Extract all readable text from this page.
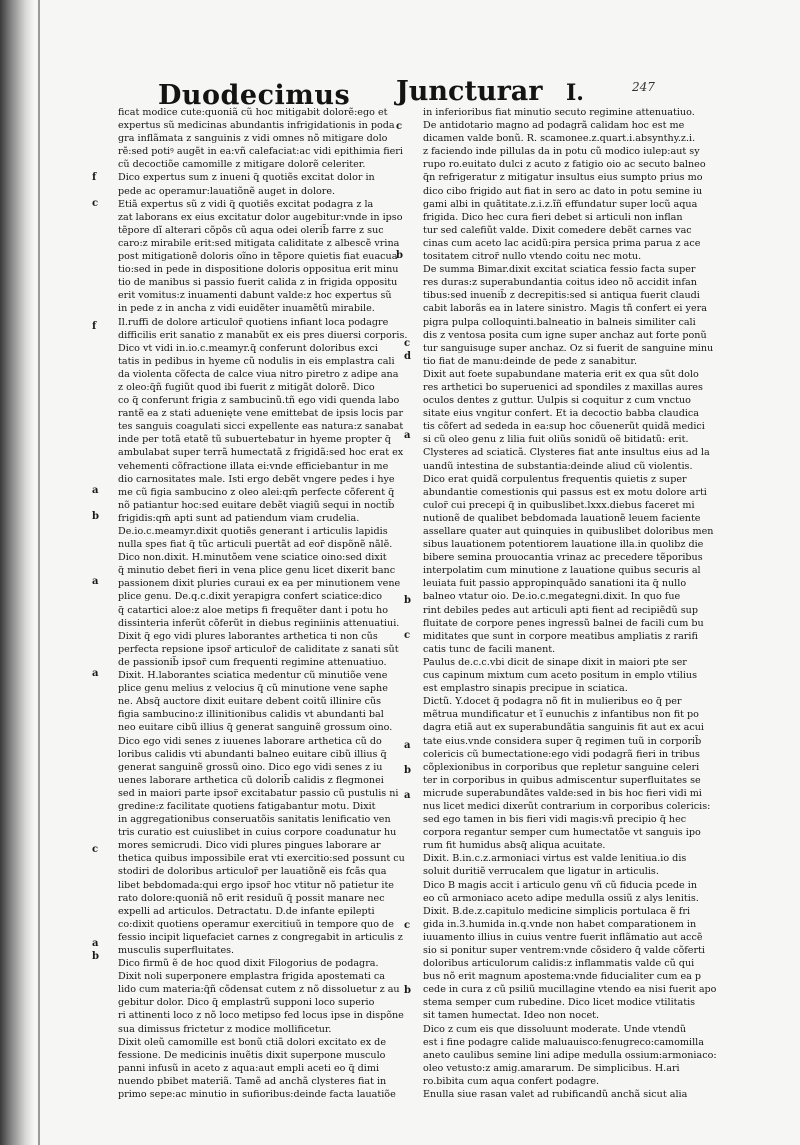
Duodecimus Juncturar I.	247
ficat modice cute:quoniã cũ hoc mitigabit dolorẽ:ego et
expertus sũ medicinas abundantis infrigidationis in poda
gra inflãmata z sanguinis z vidi omnes nõ mitigare dolo
rẽ:sed potiꝰ augẽt in ea:vñ calefaciat:ac vidi epithimia fieri
cũ decoctiõe camomille z mitigare dolorẽ celeriter.
Dico expertus sum z inueni q̃ quotiẽs excitat dolor in
pede ac operamur:lauatiõnẽ auget in dolore.
Etiã expertus sũ z vidi q̃ quotiẽs excitat podagra z la
zat laborans ex eius excitatur dolor augebitur:vnde in ipso
tẽpore dĩ alterari cõpõs cũ aqua odei olerib̃ farre z suc
caro:z mirabile erit:sed mitigata caliditate z albescẽ vrina
post mitigationẽ doloris oĩno in tẽpore quietis fiat euacua
tio:sed in pede in dispositione doloris oppositua erit minu
tio de manibus si passio fuerit calida z in frigida oppositu
erit vomitus:z inuamenti dabunt valde:z hoc expertus sũ
in pede z in ancha z vidi euidẽter inuamẽtũ mirabile.
Il.ruffi de dolore articulor̃ quotiens infiant loca podagre
difficilis erit sanatio z manabũt ex eis pres diuersi corporis.
Dico vt vidi in.io.c.meamyr.q̃ conferunt doloribus exci
tatis in pedibus in hyeme cũ nodulis in eis emplastra cali
da violenta cõfecta de calce viua nitro piretro z adipe ana
z oleo:q̃ñ fugiũt quod ibi fuerit z mitigãt dolorẽ. Dico
co q̃ conferunt frigia z sambucinũ.tñ ego vidi quenda labo
rantẽ ea z stati aduenięte vene emittebat de ipsis locis par
tes sanguis coagulati sicci expellente eas natura:z sanabat
inde per totã etatẽ tũ subuertebatur in hyeme propter q̃
ambulabat super terrã humectatã z frigidã:sed hoc erat ex
vehementi cõfractione illata ei:vnde efficiebantur in me
dio carnositates male. Isti ergo debẽt vngere pedes i hye
me cũ figia sambucino z oleo alei:qm̃ perfecte cõferent q̃
nõ patiantur hoc:sed euitare debẽt viagiũ sequi in noctib̃
frigidis:qm̃ apti sunt ad patiendum viam crudelia.
De.io.c.meamyr.dixit quotiẽs generant i articulis lapidis
nulla spes fiat q̃ tũc articuli puertãt ad eor̃ dispõnẽ nãlẽ.
Dico non.dixit. H.minutõem vene sciatice oino:sed dixit
q̃ minutio debet fieri in vena plice genu licet dixerit banc
passionem dixit pluries curaui ex ea per minutionem vene
plice genu. De.q.c.dixit yerapigra confert sciatice:dico
q̃ catartici aloe:z aloe metips fi frequẽter dant i potu ho
dissinteria inferũt cõferũt in diebus reginiinis attenuatiui.
Dixit q̃ ego vidi plures laborantes arthetica ti non cũs
perfecta repsione ipsor̃ articulor̃ de caliditate z sanati sũt
de passionib̃ ipsor̃ cum frequenti regimine attenuatiuo.
Dixit. H.laborantes sciatica medentur cũ minutiõe vene
plice genu melius z velocius q̃ cũ minutione vene saphe
ne. Absq̃ auctore dixit euitare debent coitũ illinire cũs
figia sambucino:z illinitionibus calidis vt abundanti bal
neo euitare cibũ illius q̃ generat sanguinẽ grossum oino.
Dico ego vidi senes z iuuenes laborare arthetica cũ do
loribus calidis vti abundanti balneo euitare cibũ illius q̃
generat sanguinẽ grossũ oino. Dico ego vidi senes z iu
uenes laborare arthetica cũ dolorib̃ calidis z flegmonei
sed in maiori parte ipsor̃ excitabatur passio cũ pustulis ni
gredine:z facilitate quotiens fatigabantur motu. Dixit
in aggregationibus conseruatõis sanitatis lenificatio ven
tris curatio est cuiuslibet in cuius corpore coadunatur hu
mores semicrudi. Dico vidi plures pingues laborare ar
thetica quibus impossibile erat vti exercitio:sed possunt cu
stodiri de doloribus articulor̃ per lauatiõnẽ eis fcãs qua
libet bebdomada:qui ergo ipsor̃ hoc vtitur nõ patietur ite
rato dolore:quoniã nõ erit residuũ q̃ possit manare nec
expelli ad articulos. Detractatu. D.de infante epilepti
co:dixit quotiens operamur exercitiuũ in tempore quo de
fessio incipit liquefaciet carnes z congregabit in articulis z
musculis superfluitates.
Dico firmũ ẽ de hoc quod dixit Filogorius de podagra.
Dixit noli superponere emplastra frigida apostemati ca
lido cum materia:q̃ñ cõdensat cutem z nõ dissoluetur z au
gebitur dolor. Dico q̃ emplastrũ supponi loco superio
ri attinenti loco z nõ loco metipso fed locus ipse in dispõne
sua dimissus frictetur z modice mollificetur.
Dixit oleũ camomille est bonũ ctiã dolori excitato ex de
fessione. De medicinis inuẽtis dixit superpone musculo
panni infusũ in aceto z aqua:aut empli aceti eo q̃ dimi
nuendo pbibet materiã. Tamẽ ad anchã clysteres fiat in
primo sepe:ac minutio in sufioribus:deinde facta lauatiõe
in inferioribus fiat minutio secuto regimine attenuatiuo.
De antidotario magno ad podagrã calidam hoc est me
dicamen valde bonũ. R. scamonee.z.quart.i.absynthy.z.i.
z faciendo inde pillulas da in potu cũ modico iulep:aut sy
rupo ro.euitato dulci z acuto z fatigio oio ac secuto balneo
q̃n refrigeratur z mitigatur insultus eius sumpto prius mo
dico cibo frigido aut fiat in sero ac dato in potu semine iu
gami albi in quãtitate.z.i.z.ĩñ effundatur super locũ aqua
frigida. Dico hec cura fieri debet si articuli non inflan
tur sed calefiũt valde. Dixit comedere debẽt carnes vac
cinas cum aceto lac acidũ:pira persica prima parua z ace
tositatem citror̃ nullo vtendo coitu nec motu.
De summa Bimar.dixit excitat sciatica fessio facta super
res duras:z superabundantia coitus ideo nõ accidit infan
tibus:sed inuenib̃ z decrepitis:sed si antiqua fuerit claudi
cabit laborãs ea in latere sinistro. Magis tñ confert ei yera
pigra pulpa colloquinti.balneatio in balneis similiter cali
dis z ventosa posita cum igne super anchaz aut forte ponũ
tur sanguisuge super anchaz. Oz si fuerit de sanguine minu
tio fiat de manu:deinde de pede z sanabitur.
Dixit aut foete supabundane materia erit ex qua sũt dolo
res arthetici bo superuenici ad spondiles z maxillas aures
oculos dentes z guttur. Uulpis si coquitur z cum vnctuo
sitate eius vngitur confert. Et ia decoctio babba claudica
tis cõfert ad sededa in ea:sup hoc cõuenerũt quidã medici
si cũ oleo genu z lilia fuit oliũs sonidũ oẽ bitidatũ: erit.
Clysteres ad sciaticã. Clysteres fiat ante insultus eius ad la
uandũ intestina de substantia:deinde aliud cũ violentis.
Dico erat quidã corpulentus frequentis quietis z super
abundantie comestionis qui passus est ex motu dolore arti
culor̃ cui precepi q̃ in quibuslibet.lxxx.diebus faceret mi
nutionẽ de qualibet bebdomada lauationẽ leuem faciente
assellare quater aut quinquies in quibuslibet doloribus men
sibus lauationem potentiorem lauatione illa.in quolibz die
bibere semina prouocantia vrinaz ac precedere tẽporibus
interpolatim cum minutione z lauatione quibus securis al
leuiata fuit passio appropinquãdo sanationi ita q̃ nullo
balneo vtatur oio. De.io.c.megategni.dixit. In quo fue
rint debiles pedes aut articuli apti fient ad recipiẽdũ sup
fluitate de corpore penes ingressũ balnei de facili cum bu
miditates que sunt in corpore meatibus ampliatis z rarifi
catis tunc de facili manent.
Paulus de.c.c.vbi dicit de sinape dixit in maiori pte ser
cus capinum mixtum cum aceto positum in emplo vtilius
est emplastro sinapis precipue in sciatica.
Dictũ. Y.docet q̃ podagra nõ fit in mulieribus eo q̃ per
mẽtrua mundificatur et ĩ eunuchis z infantibus non fit po
dagra etiã aut ex superabundãtia sanguinis fit aut ex acui
tate eius.vnde considera super q̃ regimen tuũ in corporib̃
colericis cũ bumectatione:ego vidi podagrã fieri in tribus
cõplexionibus in corporibus que repletur sanguine celeri
ter in corporibus in quibus admiscentur superfluitates se
micrude superabundãtes valde:sed in bis hoc fieri vidi mi
nus licet medici dixerũt contrarium in corporibus colericis:
sed ego tamen in bis fieri vidi magis:vñ precipio q̃ hec
corpora regantur semper cum humectatõe vt sanguis ipo
rum fit humidus absq̃ aliqua acuitate.
Dixit. B.in.c.z.armoniaci virtus est valde lenitiua.io dis
soluit duritiẽ verrucalem que ligatur in articulis.
Dico B magis accit i articulo genu vñ cũ fiducia pcede in
eo cũ armoniaco aceto adipe medulla ossiũ z alys lenitis.
Dixit. B.de.z.capitulo medicine simplicis portulaca ẽ fri
gida in.3.humida in.q.vnde non habet comparationem in
iuuamento illius in cuius ventre fuerit inflãmatio aut accẽ
sio si ponitur super ventrem:vnde cõsidero q̃ valde cõferti
doloribus articulorum calidis:z inflammatis valde cũ qui
bus nõ erit magnum apostema:vnde fiducialiter cum ea p
cede in cura z cũ psiliũ mucillagine vtendo ea nisi fuerit apo
stema semper cum rubedine. Dico licet modice vtilitatis
sit tamen humectat. Ideo non nocet.
Dico z cum eis que dissoluunt moderate. Unde vtendũ
est i fine podagre calide maluauisco:fenugreco:camomilla
aneto caulibus semine lini adipe medulla ossium:armoniaco:
oleo vetusto:z amig.amararum. De simplicibus. H.ari
ro.bibita cum aqua confert podagre.
Enulla siue rasan valet ad rubificandũ anchã sicut alia
f
c
f
a
b
a
a
c
a
b
c
b
c
d
a
b
c
a
b
a
c
b
